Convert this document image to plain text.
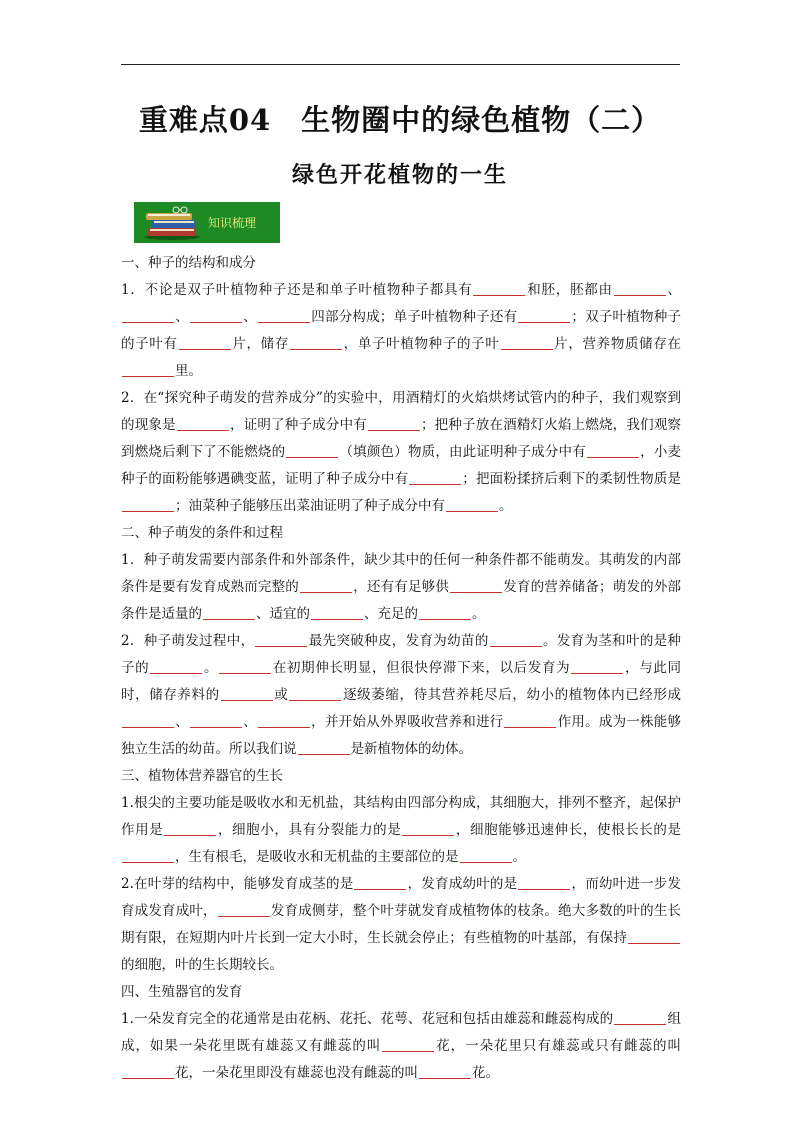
重难点04　生物圈中的绿色植物（二）
绿色开花植物的一生
知识梳理
一、种子的结构和成分
1．不论是双子叶植物种子还是和单子叶植物种子都具有	和胚，胚都由	、、	、	四部分构成；单子叶植物种子还有	；双子叶植物种子的子叶有	片，储存	，单子叶植物种子的子叶	片，营养物质储存在里。
2．在“探究种子萌发的营养成分”的实验中，用酒精灯的火焰烘烤试管内的种子，我们观察到的现象是	，证明了种子成分中有	；把种子放在酒精灯火焰上燃烧，我们观察到燃烧后剩下了不能燃烧的	（填颜色）物质，由此证明种子成分中有	，小麦种子的面粉能够遇碘变蓝，证明了种子成分中有	；把面粉揉挤后剩下的柔韧性物质是；油菜种子能够压出菜油证明了种子成分中有	。
二、种子萌发的条件和过程
1．种子萌发需要内部条件和外部条件，缺少其中的任何一种条件都不能萌发。其萌发的内部条件是要有发育成熟而完整的	，还有有足够供	发育的营养储备；萌发的外部条件是适量的	、适宜的	、充足的	。
2．种子萌发过程中，	最先突破种皮，发育为幼苗的	。发育为茎和叶的是种子的	。	在初期伸长明显，但很快停滞下来，以后发育为	，与此同时，储存养料的	或	逐级萎缩，待其营养耗尽后，幼小的植物体内已经形成、	、	，并开始从外界吸收营养和进行	作用。成为一株能够独立生活的幼苗。所以我们说	是新植物体的幼体。
三、植物体营养器官的生长
1.根尖的主要功能是吸收水和无机盐，其结构由四部分构成，其细胞大，排列不整齐，起保护作用是	，细胞小，具有分裂能力的是	，细胞能够迅速伸长，使根长长的是，生有根毛，是吸收水和无机盐的主要部位的是	。
2.在叶芽的结构中，能够发育成茎的是	，发育成幼叶的是	，而幼叶进一步发育成发育成叶，	发育成侧芽，整个叶芽就发育成植物体的枝条。绝大多数的叶的生长期有限，在短期内叶片长到一定大小时，生长就会停止；有些植物的叶基部，有保持的细胞，叶的生长期较长。
四、生殖器官的发育
1.一朵发育完全的花通常是由花柄、花托、花萼、花冠和包括由雄蕊和雌蕊构成的	组成，如果一朵花里既有雄蕊又有雌蕊的叫	花，一朵花里只有雄蕊或只有雌蕊的叫花，一朵花里即没有雄蕊也没有雌蕊的叫	花。
